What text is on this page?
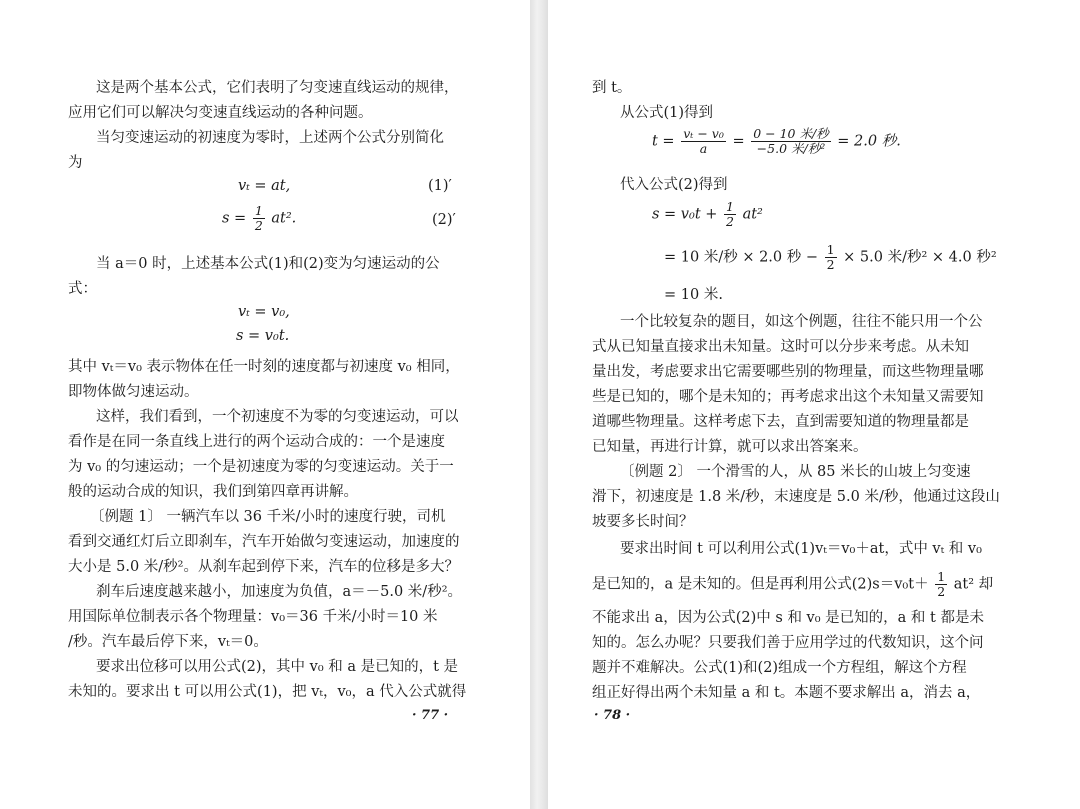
这是两个基本公式，它们表明了匀变速直线运动的规律，
应用它们可以解决匀变速直线运动的各种问题。
当匀变速运动的初速度为零时，上述两个公式分别简化
为
vₜ = at,	(1)′
$s = \frac{1}{2} at^2$.	(2)′
当 a＝0 时，上述基本公式(1)和(2)变为匀速运动的公
式：
vₜ = v₀,
s = v₀t.
其中 vₜ＝v₀ 表示物体在任一时刻的速度都与初速度 v₀ 相同，
即物体做匀速运动。
这样，我们看到，一个初速度不为零的匀变速运动，可以
看作是在同一条直线上进行的两个运动合成的：一个是速度
为 v₀ 的匀速运动；一个是初速度为零的匀变速运动。关于一
般的运动合成的知识，我们到第四章再讲解。
〔例题 1〕 一辆汽车以 36 千米/小时的速度行驶，司机
看到交通红灯后立即刹车，汽车开始做匀变速运动，加速度的
大小是 5.0 米/秒²。从刹车起到停下来，汽车的位移是多大？
刹车后速度越来越小，加速度为负值，a＝－5.0 米/秒²。
用国际单位制表示各个物理量：v₀＝36 千米/小时＝10 米
/秒。汽车最后停下来，vₜ＝0。
要求出位移可以用公式(2)，其中 v₀ 和 a 是已知的，t 是
未知的。要求出 t 可以用公式(1)，把 vₜ，v₀，a 代入公式就得
· 77 ·
到 t。
从公式(1)得到
$t = \frac{\text{vₜ − v₀}}{a} = \frac{\text{0 − 10 米/秒}}{\text{−5.0 米/秒²}} = 2.0$ 秒.
代入公式(2)得到
$s = v_0t + \frac{1}{2} at^2$
= 10 米/秒 × 2.0 秒 − $\frac{1}{2} \times 5.0$ 米/秒² × 4.0 秒²
= 10 米.
一个比较复杂的题目，如这个例题，往往不能只用一个公
式从已知量直接求出未知量。这时可以分步来考虑。从未知
量出发，考虑要求出它需要哪些别的物理量，而这些物理量哪
些是已知的，哪个是未知的；再考虑求出这个未知量又需要知
道哪些物理量。这样考虑下去，直到需要知道的物理量都是
已知量，再进行计算，就可以求出答案来。
〔例题 2〕 一个滑雪的人，从 85 米长的山坡上匀变速
滑下，初速度是 1.8 米/秒，末速度是 5.0 米/秒，他通过这段山
坡要多长时间？
要求出时间 t 可以利用公式(1)vₜ＝v₀＋at，式中 vₜ 和 v₀
是已知的，a 是未知的。但是再利用公式$(2)s=v_0t+ \frac{1}{2} at^2$ 却
不能求出 a，因为公式(2)中 s 和 v₀ 是已知的，a 和 t 都是未
知的。怎么办呢？只要我们善于应用学过的代数知识，这个问
题并不难解决。公式(1)和(2)组成一个方程组，解这个方程
组正好得出两个未知量 a 和 t。本题不要求解出 a，消去 a，
· 78 ·
